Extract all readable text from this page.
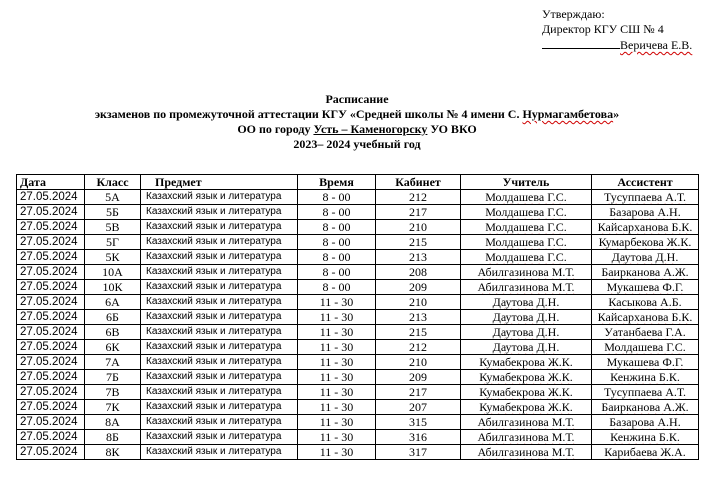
Утверждаю:
Директор КГУ СШ № 4
Веричева Е.В.
Расписание
экзаменов по промежуточной аттестации КГУ «Средней школы № 4 имени С. Нурмагамбетова»
ОО по городу Усть – Каменогорску УО ВКО
2023– 2024 учебный год
Дата	Класс	Предмет	Время	Кабинет	Учитель	Ассистент
27.05.2024	5А	Казахский язык и литература	8 - 00	212	Молдашева Г.С.	Тусуппаева А.Т.
27.05.2024	5Б	Казахский язык и литература	8 - 00	217	Молдашева Г.С.	Базарова А.Н.
27.05.2024	5В	Казахский язык и литература	8 - 00	210	Молдашева Г.С.	Кайсарханова Б.К.
27.05.2024	5Г	Казахский язык и литература	8 - 00	215	Молдашева Г.С.	Кумарбекова Ж.К.
27.05.2024	5К	Казахский язык и литература	8 - 00	213	Молдашева Г.С.	Даутова Д.Н.
27.05.2024	10А	Казахский язык и литература	8 - 00	208	Абилгазинова М.Т.	Баирканова А.Ж.
27.05.2024	10К	Казахский язык и литература	8 - 00	209	Абилгазинова М.Т.	Мукашева Ф.Г.
27.05.2024	6А	Казахский язык и литература	11 - 30	210	Даутова Д.Н.	Касыкова А.Б.
27.05.2024	6Б	Казахский язык и литература	11 - 30	213	Даутова Д.Н.	Кайсарханова Б.К.
27.05.2024	6В	Казахский язык и литература	11 - 30	215	Даутова Д.Н.	Уатанбаева Г.А.
27.05.2024	6К	Казахский язык и литература	11 - 30	212	Даутова Д.Н.	Молдашева Г.С.
27.05.2024	7А	Казахский язык и литература	11 - 30	210	Кумабекрова Ж.К.	Мукашева Ф.Г.
27.05.2024	7Б	Казахский язык и литература	11 - 30	209	Кумабекрова Ж.К.	Кенжина Б.К.
27.05.2024	7В	Казахский язык и литература	11 - 30	217	Кумабекрова Ж.К.	Тусуппаева А.Т.
27.05.2024	7К	Казахский язык и литература	11 - 30	207	Кумабекрова Ж.К.	Баирканова А.Ж.
27.05.2024	8А	Казахский язык и литература	11 - 30	315	Абилгазинова М.Т.	Базарова А.Н.
27.05.2024	8Б	Казахский язык и литература	11 - 30	316	Абилгазинова М.Т.	Кенжина Б.К.
27.05.2024	8К	Казахский язык и литература	11 - 30	317	Абилгазинова М.Т.	Карибаева Ж.А.
